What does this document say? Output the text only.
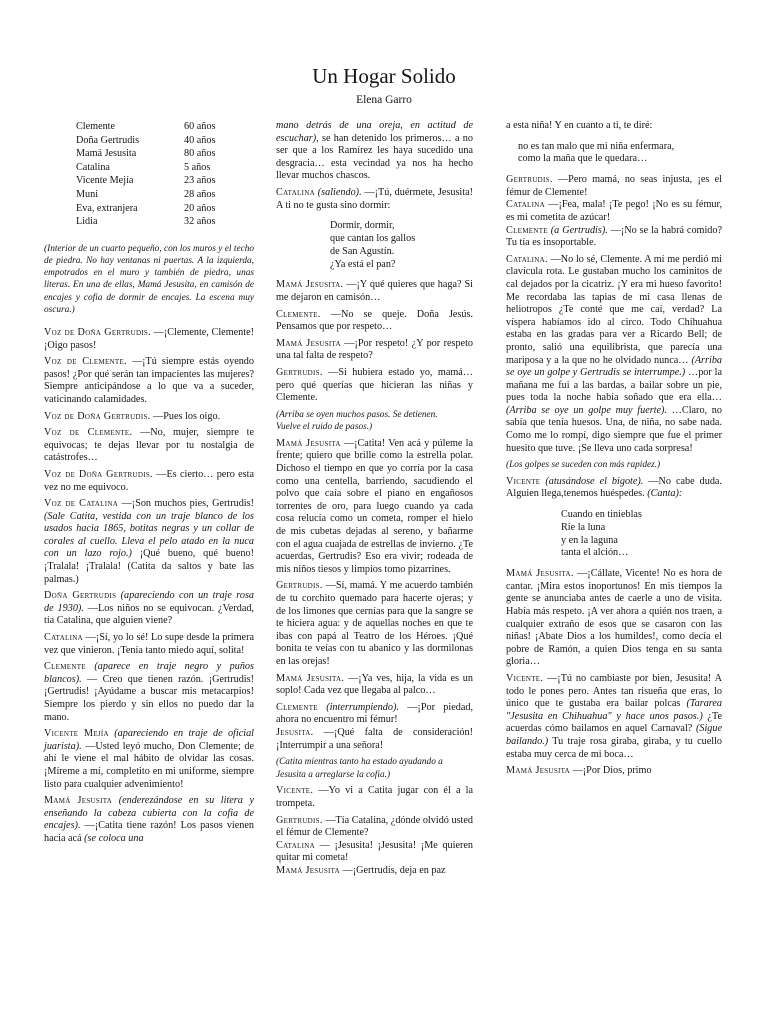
Un Hogar Solido
Elena Garro
Clemente	60 años
Doña Gertrudis	40 años
Mamá Jesusita	80 años
Catalina	5 años
Vicente Mejía	23 años
Muni	28 años
Eva, extranjera	20 años
Lidia	32 años

(Interior de un cuarto pequeño, con los muros y el techo de piedra. No hay ventanas ni puertas. A la izquierda, empotrados en el muro y también de piedra, unas literas. En una de ellas, Mamá Jesusita, en camisón de encajes y cofia de dormir de encajes. La escena muy oscura.)

Voz de Doña Gertrudis. —¡Clemente, Clemente! ¡Oigo pasos!

Voz de Clemente. —¡Tú siempre estás oyendo pasos! ¿Por qué serán tan impacientes las mujeres? Siempre anticipándose a lo que va a suceder, vaticinando calamidades.

Voz de Doña Gertrudis. —Pues los oigo.

Voz de Clemente. —No, mujer, siempre te equivocas; te dejas llevar por tu nostalgia de catástrofes…

Voz de Doña Gertrudis. —Es cierto… pero esta vez no me equivoco.

Voz de Catalina —¡Son muchos pies, Gertrudis! (Sale Catita, vestida con un traje blanco de los usados hacia 1865, botitas negras y un collar de corales al cuello. Lleva el pelo atado en la nuca con un lazo rojo.) ¡Qué bueno, qué bueno! ¡Tralala! ¡Tralala! (Catita da saltos y bate las palmas.)

Doña Gertrudis (apareciendo con un traje rosa de 1930). —Los niños no se equivocan. ¿Verdad, tía Catalina, que alguien viene?

Catalina —¡Sí, yo lo sé! Lo supe desde la primera vez que vinieron. ¡Tenía tanto miedo aquí, solita!

Clemente (aparece en traje negro y puños blancos). — Creo que tienen razón. ¡Gertrudis! ¡Gertrudis! ¡Ayúdame a buscar mis metacarpios! Siempre los pierdo y sin ellos no puedo dar la mano.

Vicente Mejía (apareciendo en traje de oficial juarista). —Usted leyó mucho, Don Clemente; de ahí le viene el mal hábito de olvidar las cosas. ¡Míreme a mí, completito en mi uniforme, siempre listo para cualquier advenimiento!

Mamá Jesusita (enderezándose en su litera y enseñando la cabeza cubierta con la cofia de encajes). —¡Catita tiene razón! Los pasos vienen hacia acá (se coloca una

mano detrás de una oreja, en actitud de escuchar), se han detenido los primeros… a no ser que a los Ramírez les haya sucedido una desgracia… esta vecindad ya nos ha hecho llevar muchos chascos.

Catalina (saliendo). —¡Tú, duérmete, Jesusita! A ti no te gusta sino dormir:

Dormir, dormir,
que cantan los gallos
de San Agustín.
¿Ya está el pan?

Mamá Jesusita. —¡Y qué quieres que haga? Si me dejaron en camisón…

Clemente. —No se queje. Doña Jesús. Pensamos que por respeto…

Mamá Jesusita —¡Por respeto! ¿Y por respeto una tal falta de respeto?

Gertrudis. —Si hubiera estado yo, mamá… pero qué querías que hicieran las niñas y Clemente.

(Arriba se oyen muchos pasos. Se detienen.
Vuelve el ruido de pasos.)

Mamá Jesusita —¡Catita! Ven acá y púleme la frente; quiero que brille como la estrella polar. Dichoso el tiempo en que yo corría por la casa como una centella, barriendo, sacudiendo el polvo que caía sobre el piano en engañosos torrentes de oro, para luego cuando ya cada cosa relucía como un cometa, romper el hielo de mis cubetas dejadas al sereno, y bañarme con el agua cuajada de estrellas de invierno. ¿Te acuerdas, Gertrudis? Eso era vivir; rodeada de mis niños tiesos y limpios tomo pizarrines.

Gertrudis. —Sí, mamá. Y me acuerdo también de tu corchito quemado para hacerte ojeras; y de los limones que cernías para que la sangre se te hiciera agua: y de aquellas noches en que te ibas con papá al Teatro de los Héroes. ¡Qué bonita te veías con tu abanico y las dormilonas en las orejas!

Mamá Jesusita. —¡Ya ves, hija, la vida es un soplo! Cada vez que llegaba al palco…

Clemente (interrumpiendo). —¡Por piedad, ahora no encuentro mi fémur!
Jesusita. —¡Qué falta de consideración! ¡Interrumpir a una señora!

(Catita mientras tanto ha estado ayudando a
Jesusita a arreglarse la cofia.)

Vicente. —Yo vi a Catita jugar con él a la trompeta.

Gertrudis. —Tía Catalina, ¿dónde olvidó usted el fémur de Clemente?
Catalina — ¡Jesusita! ¡Jesusita! ¡Me quieren quitar mi cometa!
Mamá Jesusita —¡Gertrudis, deja en paz

a esta niña! Y en cuanto a ti, te diré:

no es tan malo que mi niña enfermara,
como la maña que le quedara…

Gertrudis. —Pero mamá, no seas injusta, ¡es el fémur de Clemente!
Catalina —¡Fea, mala! ¡Te pego! ¡No es su fémur, es mi cometita de azúcar!
Clemente (a Gertrudis). —¡No se la habrá comido? Tu tía es insoportable.

Catalina. —No lo sé, Clemente. A mí me perdió mi clavícula rota. Le gustaban mucho los caminitos de cal dejados por la cicatriz. ¡Y era mi hueso favorito! Me recordaba las tapias de mi casa llenas de heliotropos ¿Te conté que me caí, verdad? La víspera habíamos ido al circo. Todo Chihuahua estaba en las gradas para ver a Ricardo Bell; de pronto, salió una equilibrista, que parecía una mariposa y a la que no he olvidado nunca… (Arriba se oye un golpe y Gertrudis se interrumpe.) …por la mañana me fui a las bardas, a bailar sobre un pie, pues toda la noche había soñado que era ella… (Arriba se oye un golpe muy fuerte). …Claro, no sabía que tenía huesos. Una, de niña, no sabe nada. Como me lo rompí, digo siempre que fue el primer huesito que tuve. ¡Se lleva uno cada sorpresa!

(Los golpes se suceden con más rapidez.)

Vicente (atusándose el bigote). —No cabe duda. Alguien llega,tenemos huéspedes. (Canta):

Cuando en tinieblas
Ríe la luna
y en la laguna
tanta el alción…

Mamá Jesusita. —¡Cállate, Vicente! No es hora de cantar. ¡Mira estos inoportunos! En mis tiempos la gente se anunciaba antes de caerle a uno de visita. Había más respeto. ¡A ver ahora a quién nos traen, a cualquier extraño de esos que se casaron con las niñas! ¡Abate Dios a los humildes!, como decía el pobre de Ramón, a quien Dios tenga en su santa gloria…

Vicente. —¡Tú no cambiaste por bien, Jesusita! A todo le pones pero. Antes tan risueña que eras, lo único que te gustaba era bailar polcas (Tararea "Jesusita en Chihuahua" y hace unos pasos.) ¿Te acuerdas cómo bailamos en aquel Carnaval? (Sigue bailando.) Tu traje rosa giraba, giraba, y tu cuello estaba muy cerca de mi boca…

Mamá Jesusita —¡Por Dios, primo
